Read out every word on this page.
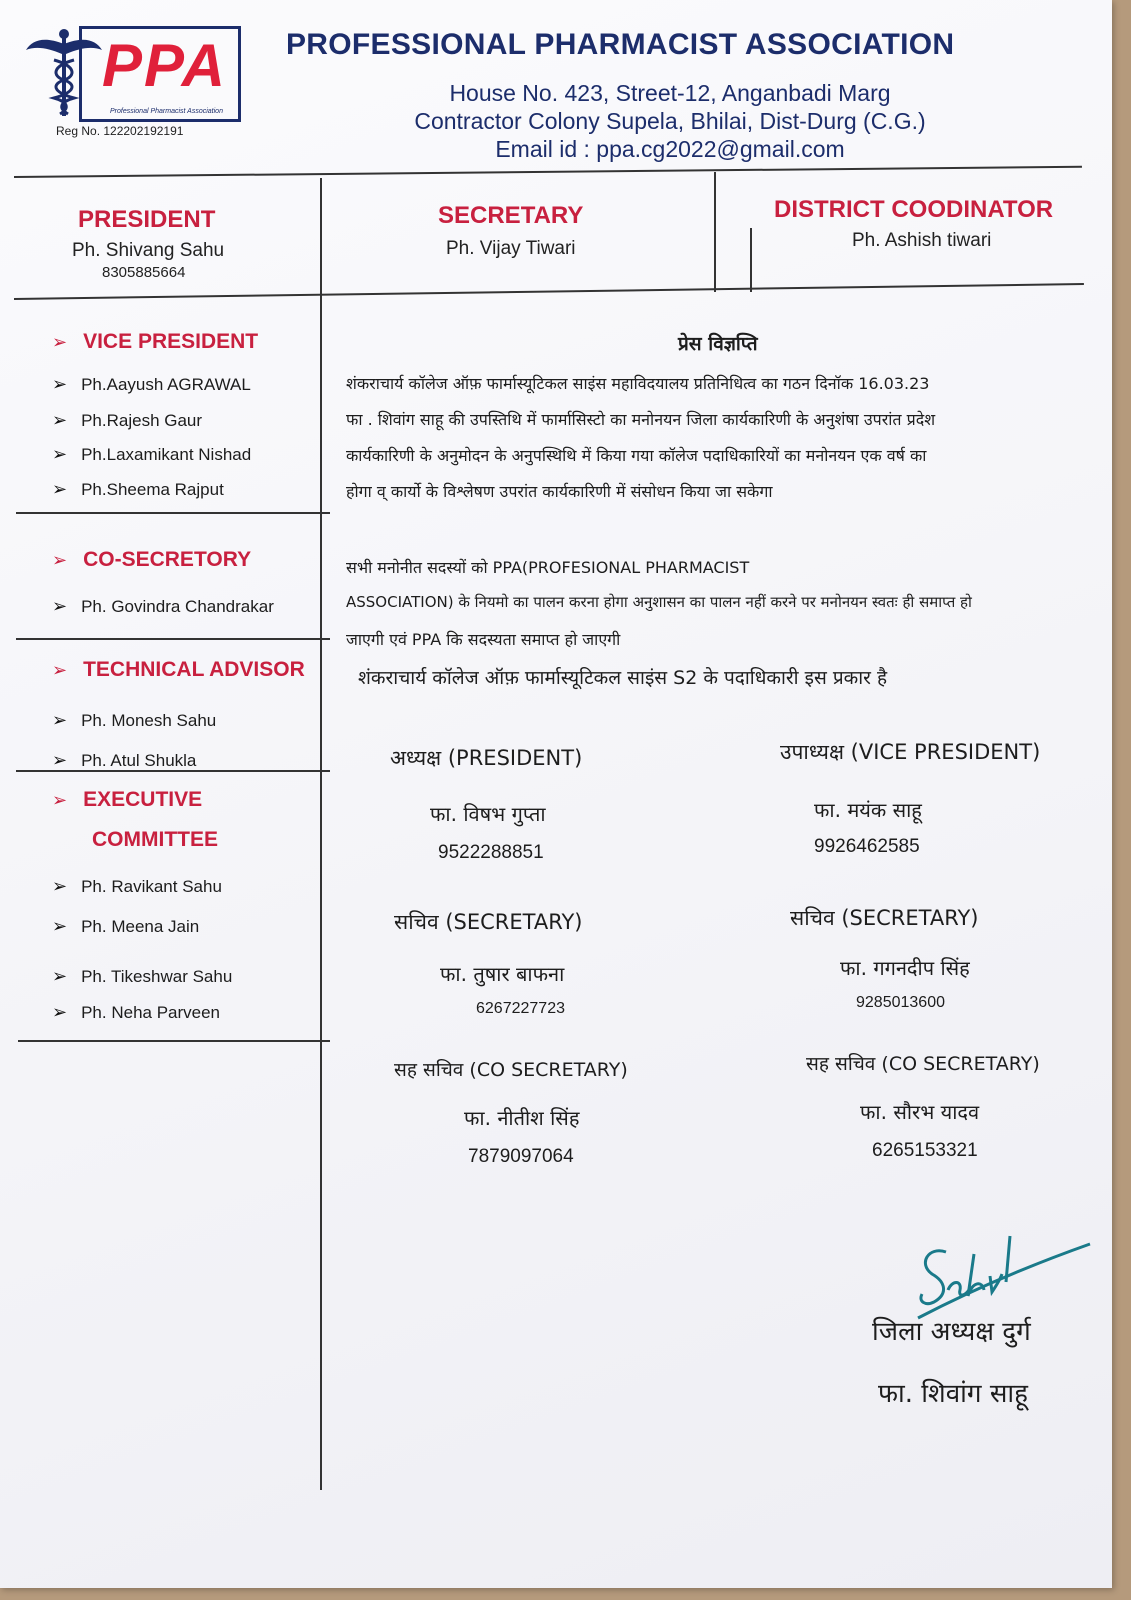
PPA
Professional Pharmacist Association
Reg No. 122202192191
PROFESSIONAL PHARMACIST ASSOCIATION
House No. 423, Street-12, Anganbadi Marg
Contractor Colony Supela, Bhilai, Dist-Durg (C.G.)
Email id : ppa.cg2022@gmail.com
PRESIDENT
Ph. Shivang Sahu
8305885664
SECRETARY
Ph. Vijay Tiwari
DISTRICT COODINATOR
Ph. Ashish tiwari
➢ VICE PRESIDENT
➢ Ph.Aayush AGRAWAL
➢ Ph.Rajesh Gaur
➢ Ph.Laxamikant Nishad
➢ Ph.Sheema Rajput
➢ CO-SECRETORY
➢ Ph. Govindra Chandrakar
➢ TECHNICAL ADVISOR
➢ Ph. Monesh Sahu
➢ Ph. Atul Shukla
➢ EXECUTIVE
COMMITTEE
➢ Ph. Ravikant Sahu
➢ Ph. Meena Jain
➢ Ph. Tikeshwar Sahu
➢ Ph. Neha Parveen
प्रेस विज्ञप्ति
शंकराचार्य कॉलेज ऑफ़ फार्मास्यूटिकल साइंस महाविदयालय प्रतिनिधित्व का गठन दिनॉक 16.03.23
फा . शिवांग साहू की उपस्तिथि में फार्मासिस्टो का मनोनयन जिला कार्यकारिणी के अनुशंषा उपरांत प्रदेश
कार्यकारिणी के अनुमोदन के अनुपस्थिथि में किया गया कॉलेज पदाधिकारियों का मनोनयन एक वर्ष का
होगा व् कार्यो के विश्लेषण उपरांत कार्यकारिणी में संसोधन किया जा सकेगा
सभी मनोनीत सदस्यों को PPA(PROFESIONAL PHARMACIST
ASSOCIATION) के नियमो का पालन करना होगा अनुशासन का पालन नहीं करने पर मनोनयन स्वतः ही समाप्त हो
जाएगी एवं PPA कि सदस्यता समाप्त हो जाएगी
शंकराचार्य कॉलेज ऑफ़ फार्मास्यूटिकल साइंस S2 के पदाधिकारी इस प्रकार है
अध्यक्ष (PRESIDENT)
फा. विषभ गुप्ता
9522288851
उपाध्यक्ष (VICE PRESIDENT)
फा. मयंक साहू
9926462585
सचिव (SECRETARY)
फा. तुषार बाफना
6267227723
सचिव (SECRETARY)
फा. गगनदीप सिंह
9285013600
सह सचिव (CO SECRETARY)
फा. नीतीश सिंह
7879097064
सह सचिव (CO SECRETARY)
फा. सौरभ यादव
6265153321
Sahu
जिला अध्यक्ष दुर्ग
फा. शिवांग साहू
